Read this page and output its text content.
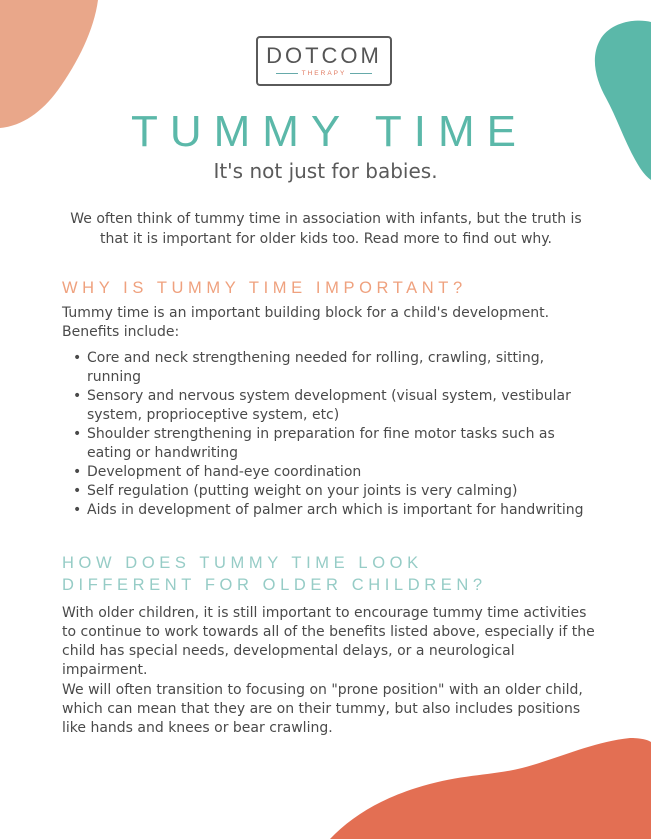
DOTCOM
THERAPY
TUMMY TIME

It's not just for babies.

We often think of tummy time in association with infants, but the truth is that it is important for older kids too. Read more to find out why.

WHY IS TUMMY TIME IMPORTANT?

Tummy time is an important building block for a child's development. Benefits include:

• Core and neck strengthening needed for rolling, crawling, sitting, running
• Sensory and nervous system development (visual system, vestibular system, proprioceptive system, etc)
• Shoulder strengthening in preparation for fine motor tasks such as eating or handwriting
• Development of hand-eye coordination
• Self regulation (putting weight on your joints is very calming)
• Aids in development of palmer arch which is important for handwriting
HOW DOES TUMMY TIME LOOK
DIFFERENT FOR OLDER CHILDREN?

With older children, it is still important to encourage tummy time activities to continue to work towards all of the benefits listed above, especially if the child has special needs, developmental delays, or a neurological impairment.

We will often transition to focusing on "prone position" with an older child, which can mean that they are on their tummy, but also includes positions like hands and knees or bear crawling.
